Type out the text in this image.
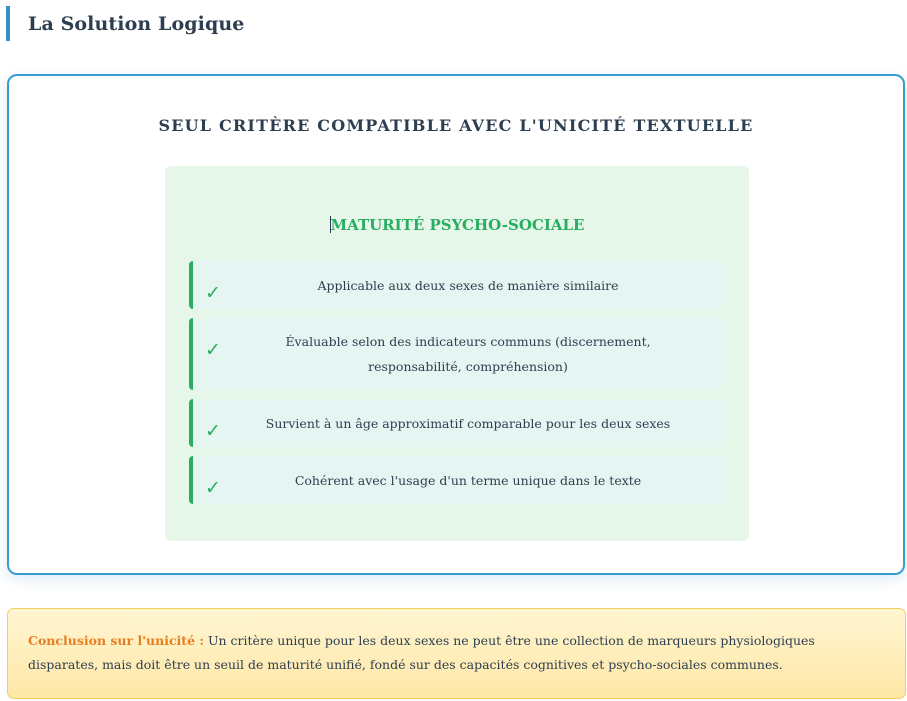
La Solution Logique
SEUL CRITÈRE COMPATIBLE AVEC L'UNICITÉ TEXTUELLE
MATURITÉ PSYCHO-SOCIALE
✓	Applicable aux deux sexes de manière similaire
✓	Évaluable selon des indicateurs communs (discernement, responsabilité, compréhension)
✓	Survient à un âge approximatif comparable pour les deux sexes
✓	Cohérent avec l'usage d'un terme unique dans le texte
Conclusion sur l'unicité : Un critère unique pour les deux sexes ne peut être une collection de marqueurs physiologiques disparates, mais doit être un seuil de maturité unifié, fondé sur des capacités cognitives et psycho-sociales communes.
